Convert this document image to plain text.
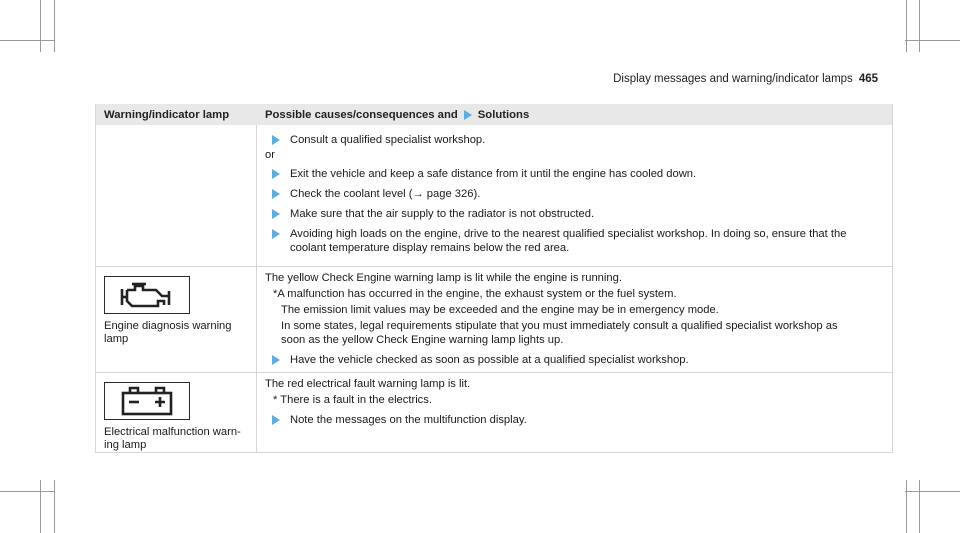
Display messages and warning/indicator lamps 465
Warning/indicator lamp	Possible causes/consequences and Solutions
Consult a qualified specialist workshop.

or

Exit the vehicle and keep a safe distance from it until the engine has cooled down.
Check the coolant level (→ page 326).
Make sure that the air supply to the radiator is not obstructed.
Avoiding high loads on the engine, drive to the nearest qualified specialist workshop. In doing so, ensure that the
coolant temperature display remains below the red area.
Engine diagnosis warning
lamp

The yellow Check Engine warning lamp is lit while the engine is running.

*A malfunction has occurred in the engine, the exhaust system or the fuel system.

The emission limit values may be exceeded and the engine may be in emergency mode.

In some states, legal requirements stipulate that you must immediately consult a qualified specialist workshop as

soon as the yellow Check Engine warning lamp lights up.

Have the vehicle checked as soon as possible at a qualified specialist workshop.
Electrical malfunction warn-
ing lamp

The red electrical fault warning lamp is lit.

* There is a fault in the electrics.

Note the messages on the multifunction display.
